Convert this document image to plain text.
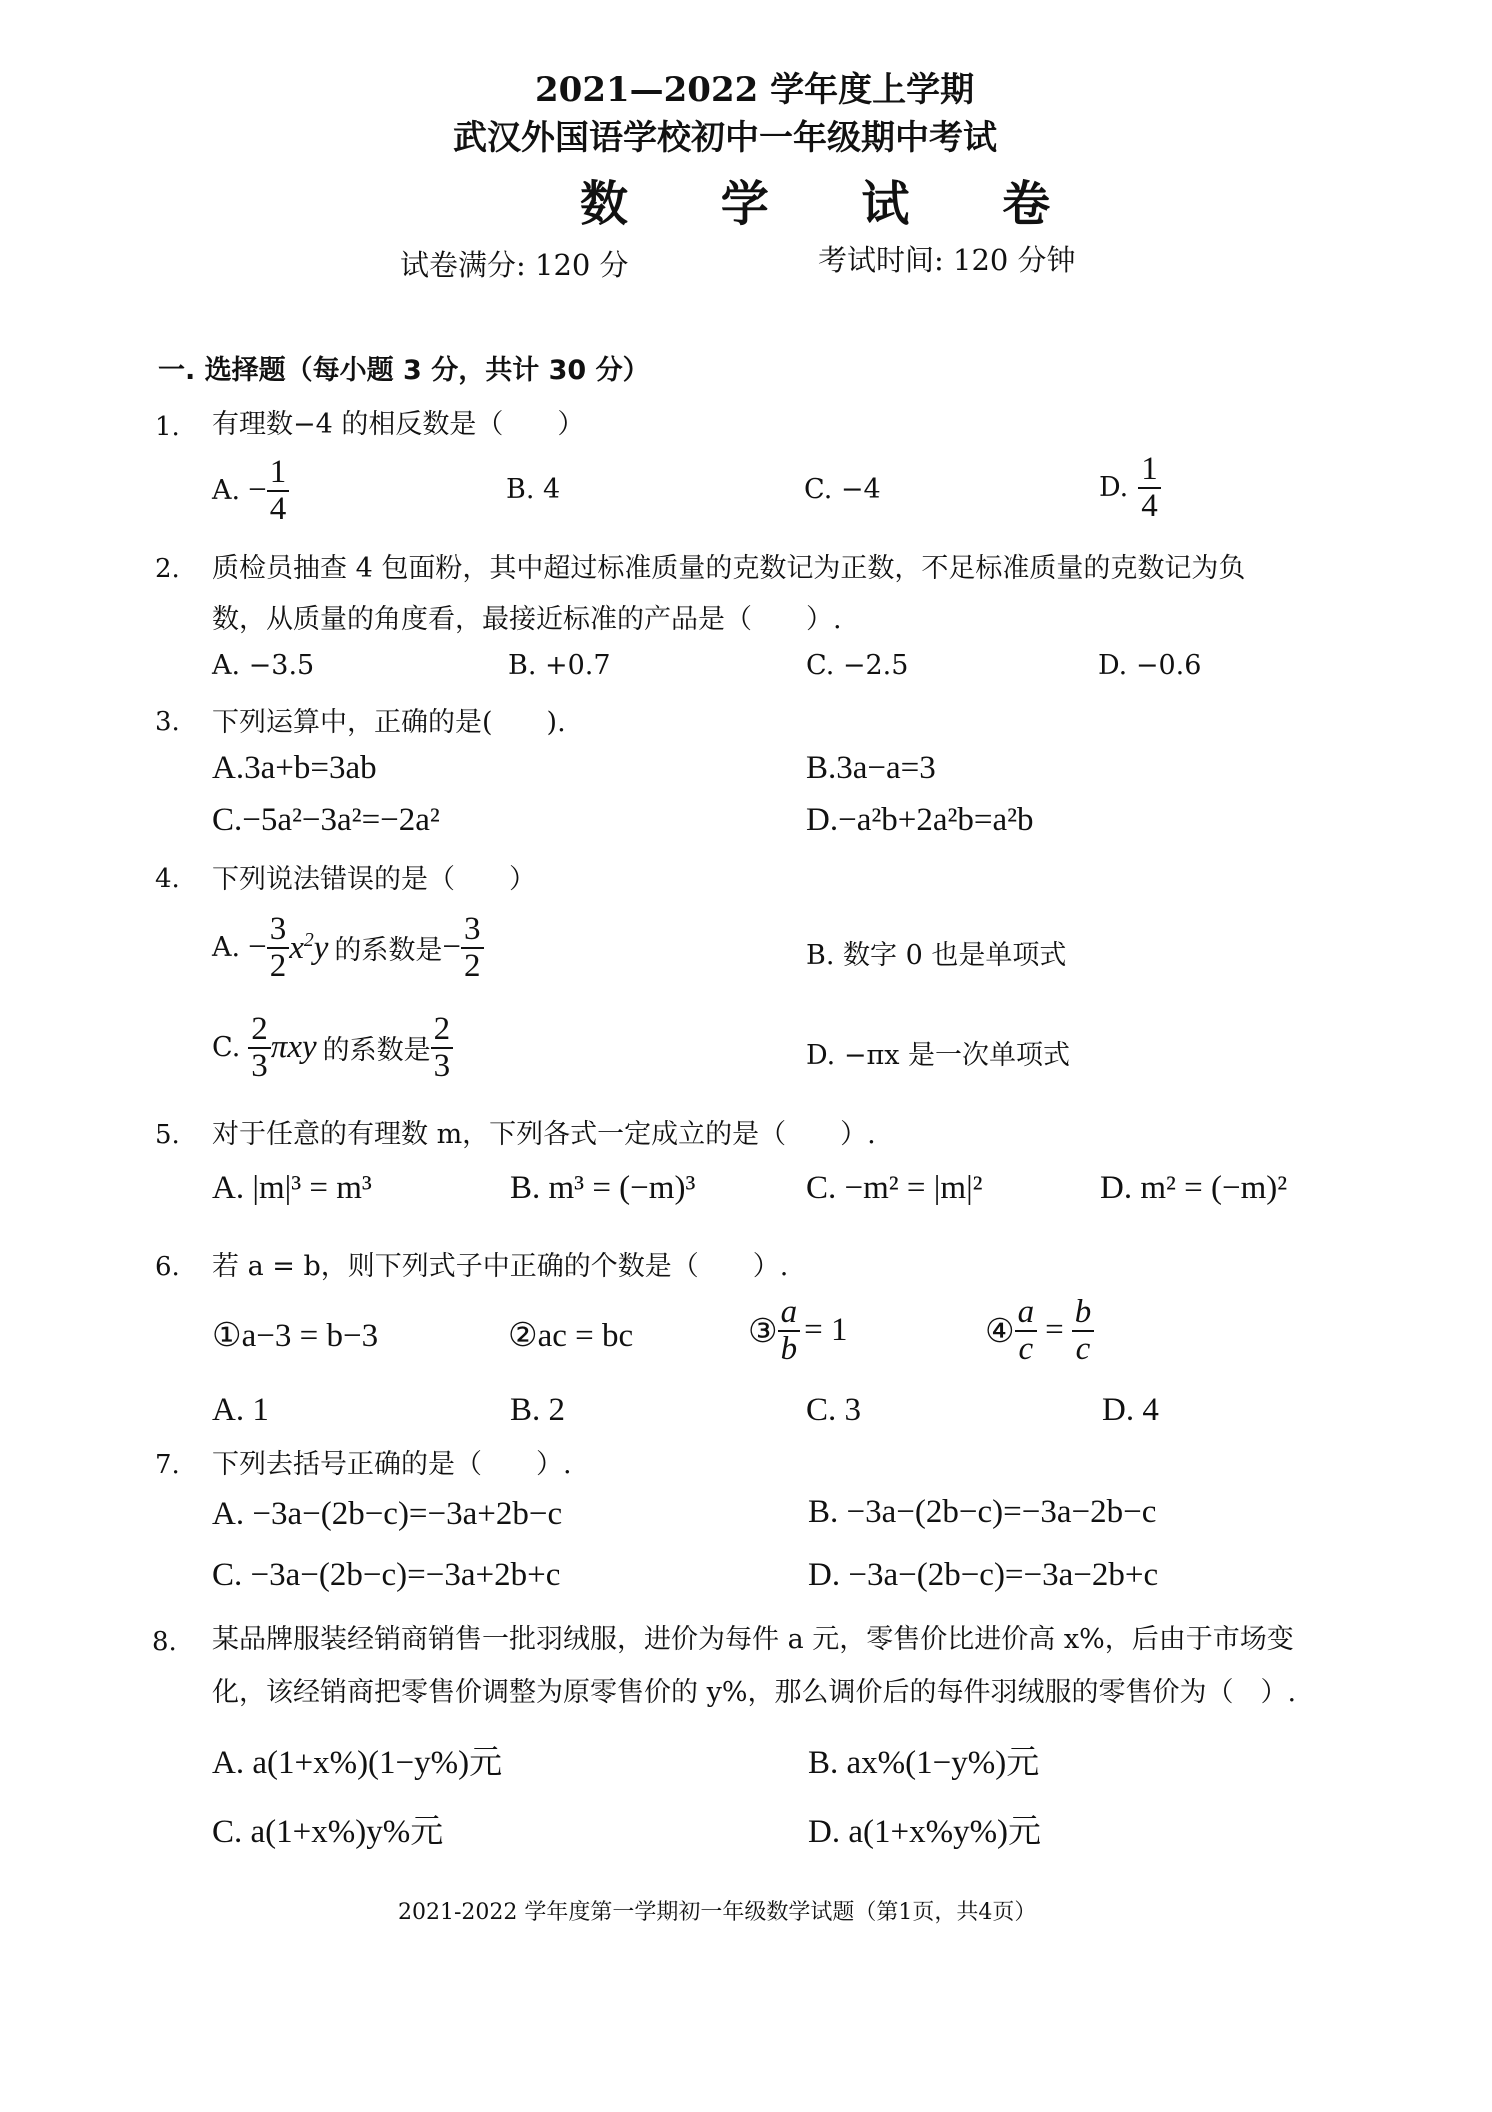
2021—2022 学年度上学期
武汉外国语学校初中一年级期中考试
数 学 试 卷
试卷满分: 120 分	考试时间: 120 分钟
一. 选择题（每小题 3 分，共计 30 分）
1. 有理数−4 的相反数是（　　）
A. − $\frac{1}{4}$	B. 4	C. −4	D. $\frac{1}{4}$
2. 质检员抽查 4 包面粉，其中超过标准质量的克数记为正数，不足标准质量的克数记为负
数，从质量的角度看，最接近标准的产品是（　　）.
A. −3.5	B. +0.7	C. −2.5	D. −0.6
3. 下列运算中，正确的是(　　).
A.3a+b=3ab	B.3a−a=3
C.−5a²−3a²=−2a²	D.−a²b+2a²b=a²b
4. 下列说法错误的是（　　）
A. − $\frac{3}{2} x^2y$ 的系数是 − $\frac{3}{2}$	B. 数字 0 也是单项式
C. $\frac{2}{3}$ πxy 的系数是 $\frac{2}{3}$	D. −πx 是一次单项式
5. 对于任意的有理数 m，下列各式一定成立的是（　　）.
A. |m|³ = m³	B. m³ = (−m)³	C. −m² = |m|²	D. m² = (−m)²
6. 若 a = b，则下列式子中正确的个数是（　　）.
①a−3 = b−3	②ac = bc	③ $\frac{a}{b} = 1$	④ $\frac{a}{c} = \frac{b}{c}$
A. 1	B. 2	C. 3	D. 4
7. 下列去括号正确的是（　　）.
A. −3a−(2b−c)=−3a+2b−c	B. −3a−(2b−c)=−3a−2b−c
C. −3a−(2b−c)=−3a+2b+c	D. −3a−(2b−c)=−3a−2b+c
8. 某品牌服装经销商销售一批羽绒服，进价为每件 a 元，零售价比进价高 x%，后由于市场变
化，该经销商把零售价调整为原零售价的 y%，那么调价后的每件羽绒服的零售价为（　）.
A. a(1+x%)(1−y%)元	B. ax%(1−y%)元
C. a(1+x%)y%元	D. a(1+x%y%)元
2021-2022 学年度第一学期初一年级数学试题（第1页，共4页）
